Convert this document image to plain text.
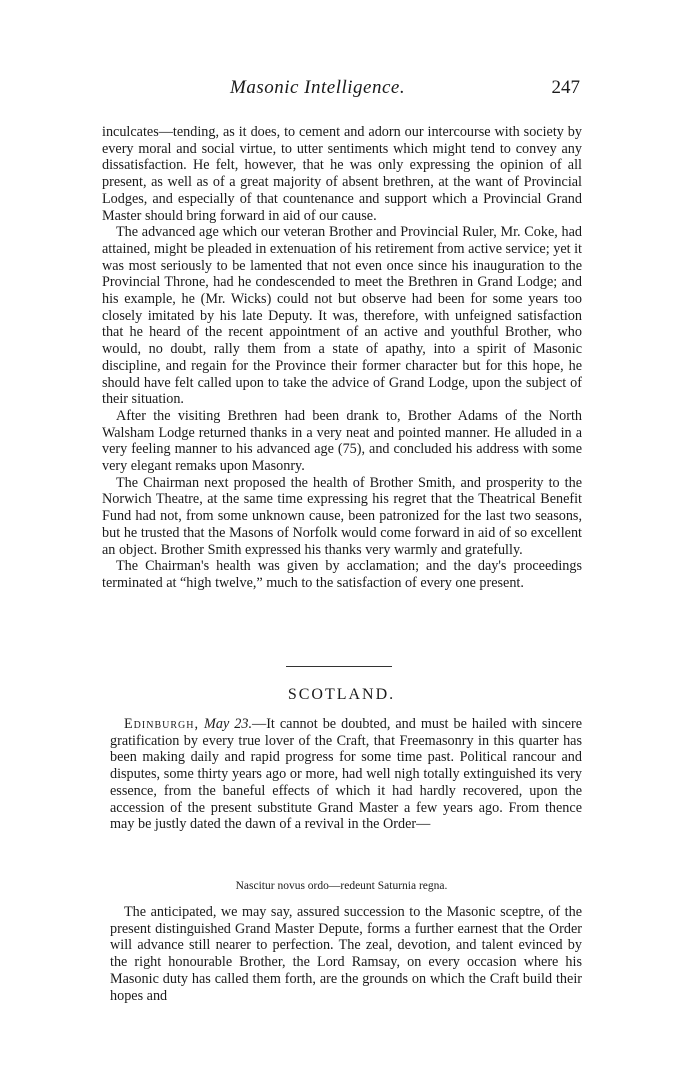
Masonic Intelligence.	247

inculcates—tending, as it does, to cement and adorn our intercourse with society by every moral and social virtue, to utter sentiments which might tend to convey any dissatisfaction. He felt, however, that he was only expressing the opinion of all present, as well as of a great majority of absent brethren, at the want of Provincial Lodges, and especially of that countenance and support which a Provincial Grand Master should bring forward in aid of our cause.

The advanced age which our veteran Brother and Provincial Ruler, Mr. Coke, had attained, might be pleaded in extenuation of his retirement from active service; yet it was most seriously to be lamented that not even once since his inauguration to the Provincial Throne, had he condescended to meet the Brethren in Grand Lodge; and his example, he (Mr. Wicks) could not but observe had been for some years too closely imitated by his late Deputy. It was, therefore, with unfeigned satisfaction that he heard of the recent appointment of an active and youthful Brother, who would, no doubt, rally them from a state of apathy, into a spirit of Masonic discipline, and regain for the Province their former character but for this hope, he should have felt called upon to take the advice of Grand Lodge, upon the subject of their situation.

After the visiting Brethren had been drank to, Brother Adams of the North Walsham Lodge returned thanks in a very neat and pointed manner. He alluded in a very feeling manner to his advanced age (75), and concluded his address with some very elegant remaks upon Masonry.

The Chairman next proposed the health of Brother Smith, and prosperity to the Norwich Theatre, at the same time expressing his regret that the Theatrical Benefit Fund had not, from some unknown cause, been patronized for the last two seasons, but he trusted that the Masons of Norfolk would come forward in aid of so excellent an object. Brother Smith expressed his thanks very warmly and gratefully.

The Chairman's health was given by acclamation; and the day's proceedings terminated at “high twelve,” much to the satisfaction of every one present.

SCOTLAND.

Edinburgh, May 23.—It cannot be doubted, and must be hailed with sincere gratification by every true lover of the Craft, that Freemasonry in this quarter has been making daily and rapid progress for some time past. Political rancour and disputes, some thirty years ago or more, had well nigh totally extinguished its very essence, from the baneful effects of which it had hardly recovered, upon the accession of the present substitute Grand Master a few years ago. From thence may be justly dated the dawn of a revival in the Order—

Nascitur novus ordo—redeunt Saturnia regna.

The anticipated, we may say, assured succession to the Masonic sceptre, of the present distinguished Grand Master Depute, forms a further earnest that the Order will advance still nearer to perfection. The zeal, devotion, and talent evinced by the right honourable Brother, the Lord Ramsay, on every occasion where his Masonic duty has called them forth, are the grounds on which the Craft build their hopes and
